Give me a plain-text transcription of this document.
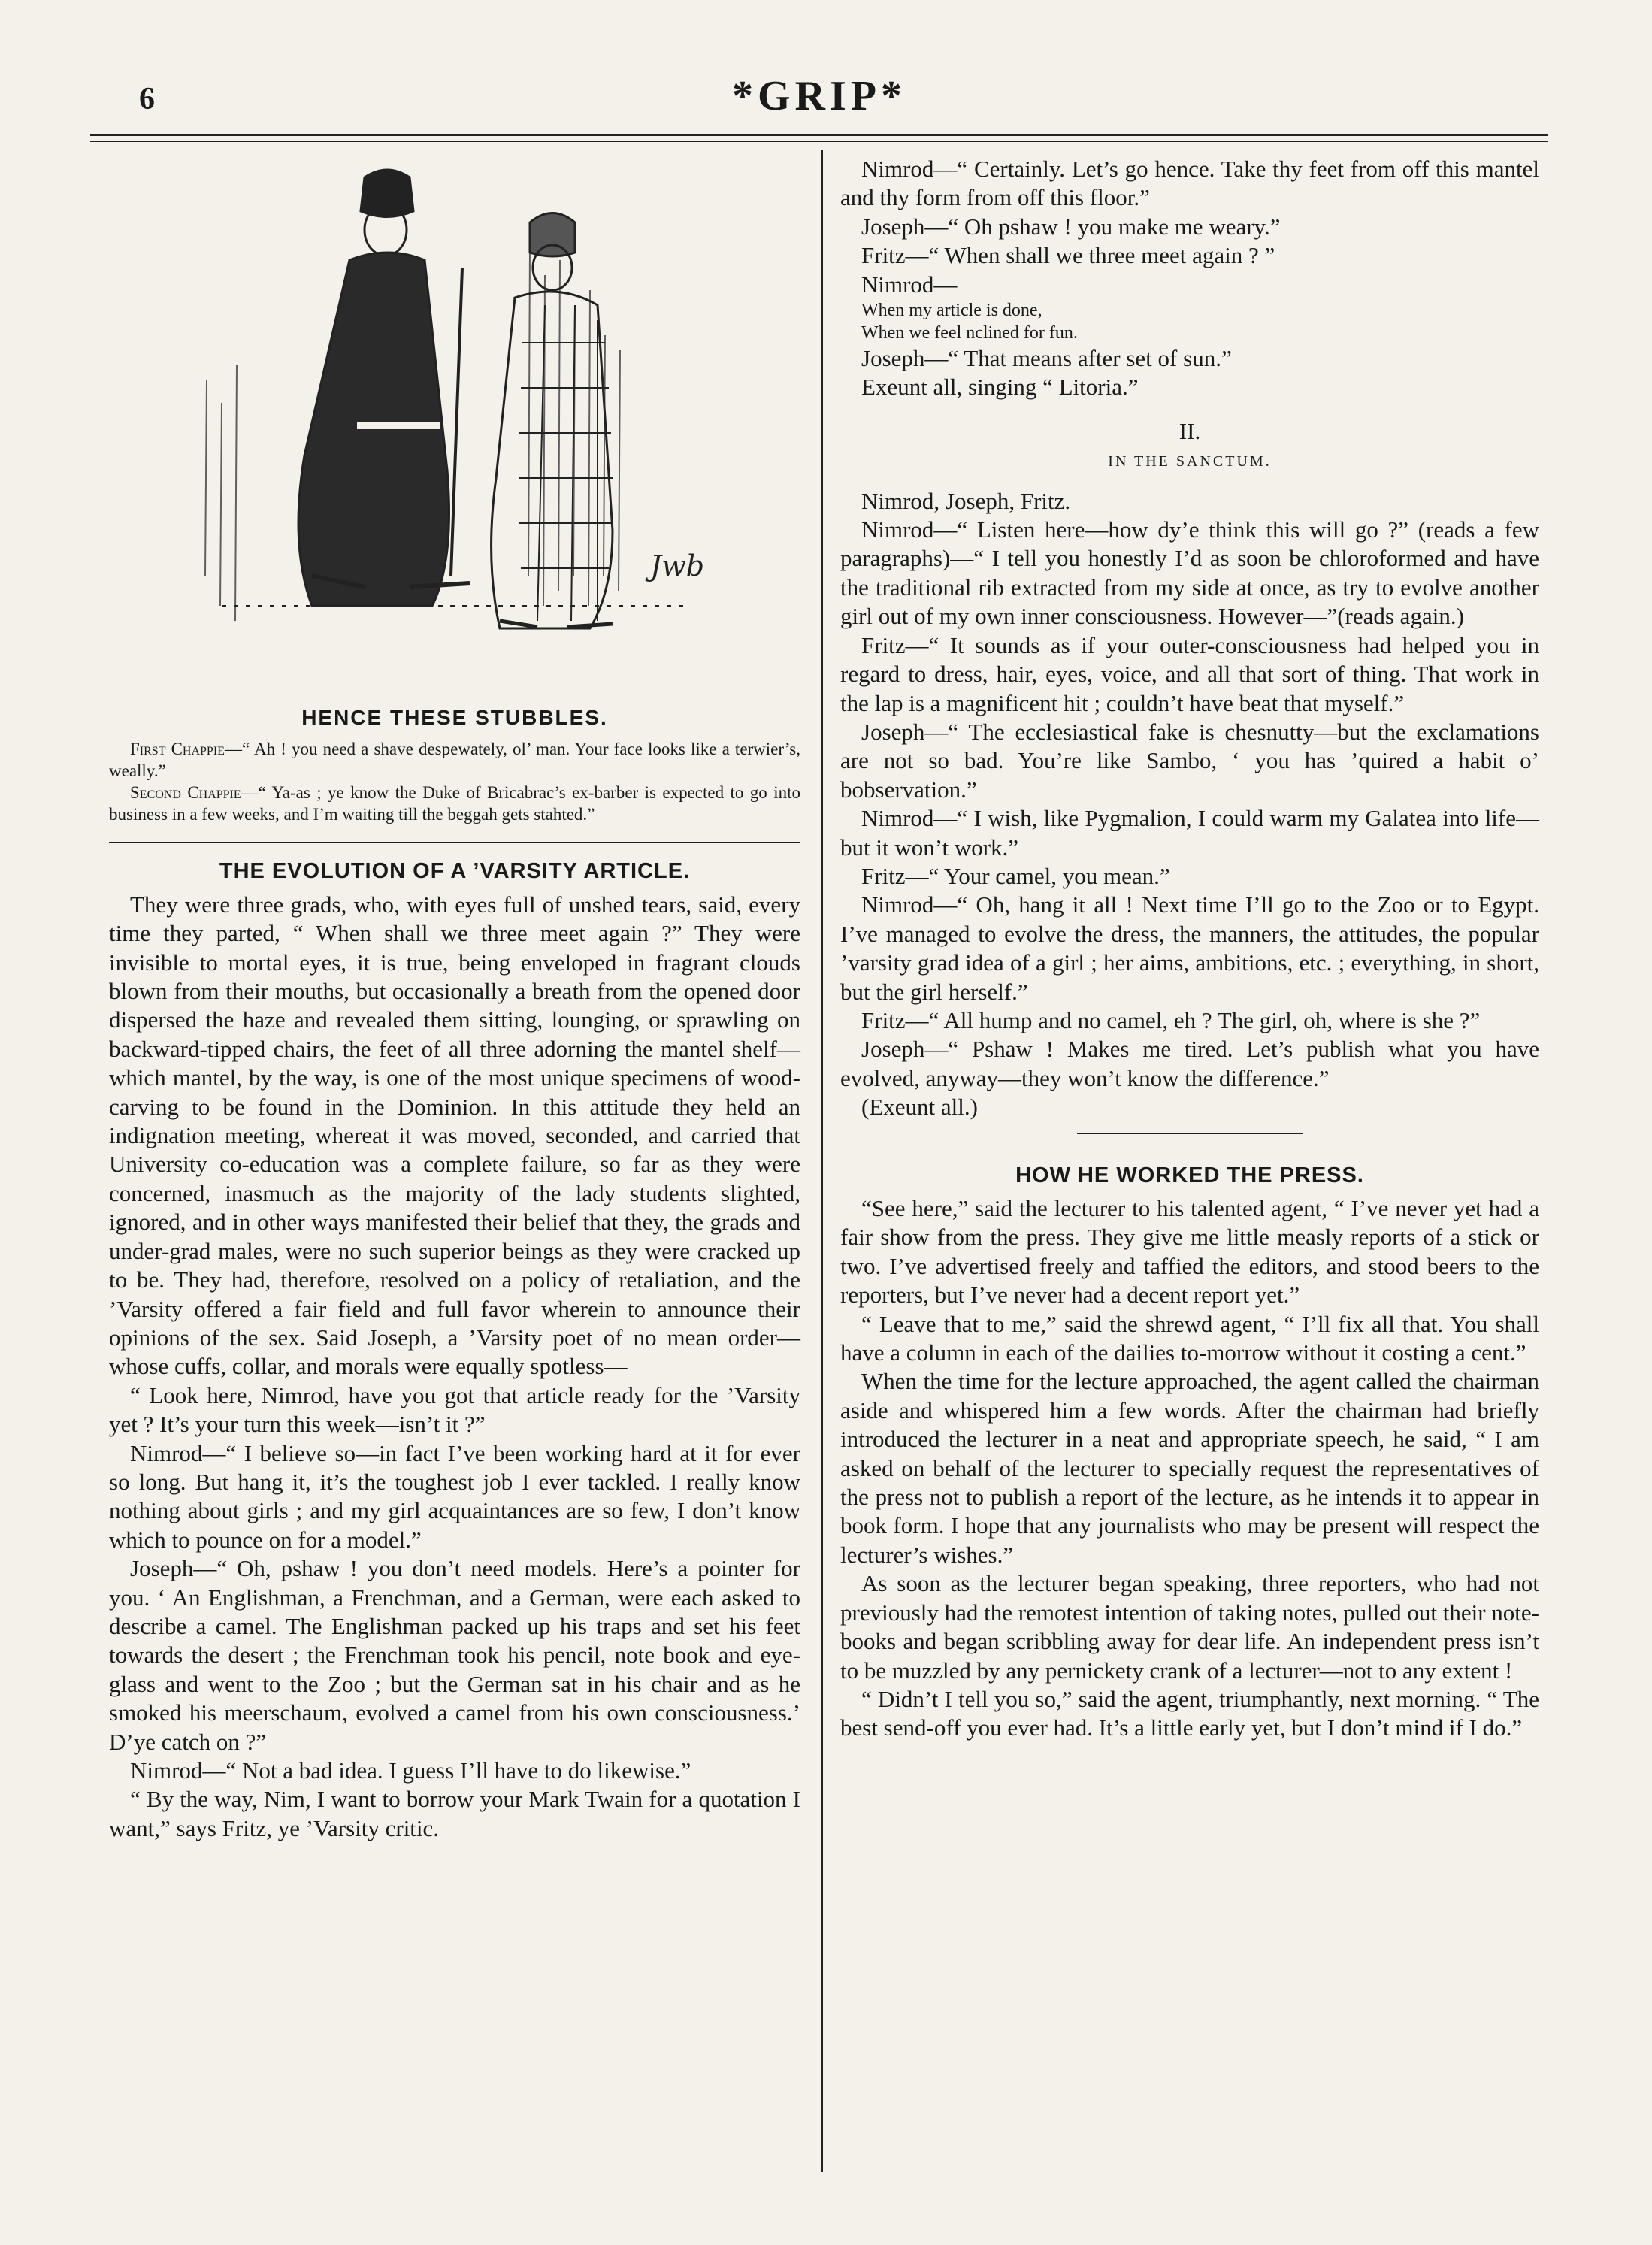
6	*GRIP*
Jwb
HENCE THESE STUBBLES.

First Chappie—“ Ah ! you need a shave despewately, ol’ man. Your face looks like a terwier’s, weally.”

Second Chappie—“ Ya-as ; ye know the Duke of Bricabrac’s ex-barber is expected to go into business in a few weeks, and I’m waiting till the beggah gets stahted.”

THE EVOLUTION OF A ’VARSITY ARTICLE.

They were three grads, who, with eyes full of unshed tears, said, every time they parted, “ When shall we three meet again ?” They were invisible to mortal eyes, it is true, being enveloped in fragrant clouds blown from their mouths, but occasionally a breath from the opened door dispersed the haze and revealed them sitting, lounging, or sprawling on backward-tipped chairs, the feet of all three adorning the mantel shelf—which mantel, by the way, is one of the most unique specimens of wood-carving to be found in the Dominion. In this attitude they held an indignation meeting, whereat it was moved, seconded, and carried that University co-education was a complete failure, so far as they were concerned, inasmuch as the majority of the lady students slighted, ignored, and in other ways manifested their belief that they, the grads and under-grad males, were no such superior beings as they were cracked up to be. They had, therefore, resolved on a policy of retaliation, and the ’Varsity offered a fair field and full favor wherein to announce their opinions of the sex. Said Joseph, a ’Varsity poet of no mean order—whose cuffs, collar, and morals were equally spotless—

“ Look here, Nimrod, have you got that article ready for the ’Varsity yet ? It’s your turn this week—isn’t it ?”

Nimrod—“ I believe so—in fact I’ve been working hard at it for ever so long. But hang it, it’s the toughest job I ever tackled. I really know nothing about girls ; and my girl acquaintances are so few, I don’t know which to pounce on for a model.”

Joseph—“ Oh, pshaw ! you don’t need models. Here’s a pointer for you. ‘ An Englishman, a Frenchman, and a German, were each asked to describe a camel. The Englishman packed up his traps and set his feet towards the desert ; the Frenchman took his pencil, note book and eye-glass and went to the Zoo ; but the German sat in his chair and as he smoked his meerschaum, evolved a camel from his own consciousness.’ D’ye catch on ?”

Nimrod—“ Not a bad idea. I guess I’ll have to do likewise.”

“ By the way, Nim, I want to borrow your Mark Twain for a quotation I want,” says Fritz, ye ’Varsity critic.

Nimrod—“ Certainly. Let’s go hence. Take thy feet from off this mantel and thy form from off this floor.”

Joseph—“ Oh pshaw ! you make me weary.”

Fritz—“ When shall we three meet again ? ”

Nimrod—

When my article is done,

When we feel nclined for fun.

Joseph—“ That means after set of sun.”

Exeunt all, singing “ Litoria.”

II.
IN THE SANCTUM.

Nimrod, Joseph, Fritz.

Nimrod—“ Listen here—how dy’e think this will go ?” (reads a few paragraphs)—“ I tell you honestly I’d as soon be chloroformed and have the traditional rib extracted from my side at once, as try to evolve another girl out of my own inner consciousness. However—”(reads again.)

Fritz—“ It sounds as if your outer-consciousness had helped you in regard to dress, hair, eyes, voice, and all that sort of thing. That work in the lap is a magnificent hit ; couldn’t have beat that myself.”

Joseph—“ The ecclesiastical fake is chesnutty—but the exclamations are not so bad. You’re like Sambo, ‘ you has ’quired a habit o’ bobservation.”

Nimrod—“ I wish, like Pygmalion, I could warm my Galatea into life—but it won’t work.”

Fritz—“ Your camel, you mean.”

Nimrod—“ Oh, hang it all ! Next time I’ll go to the Zoo or to Egypt. I’ve managed to evolve the dress, the manners, the attitudes, the popular ’varsity grad idea of a girl ; her aims, ambitions, etc. ; everything, in short, but the girl herself.”

Fritz—“ All hump and no camel, eh ? The girl, oh, where is she ?”

Joseph—“ Pshaw ! Makes me tired. Let’s publish what you have evolved, anyway—they won’t know the difference.”

(Exeunt all.)

HOW HE WORKED THE PRESS.

“See here,” said the lecturer to his talented agent, “ I’ve never yet had a fair show from the press. They give me little measly reports of a stick or two. I’ve advertised freely and taffied the editors, and stood beers to the reporters, but I’ve never had a decent report yet.”

“ Leave that to me,” said the shrewd agent, “ I’ll fix all that. You shall have a column in each of the dailies to-morrow without it costing a cent.”

When the time for the lecture approached, the agent called the chairman aside and whispered him a few words. After the chairman had briefly introduced the lecturer in a neat and appropriate speech, he said, “ I am asked on behalf of the lecturer to specially request the representatives of the press not to publish a report of the lecture, as he intends it to appear in book form. I hope that any journalists who may be present will respect the lecturer’s wishes.”

As soon as the lecturer began speaking, three reporters, who had not previously had the remotest intention of taking notes, pulled out their note-books and began scribbling away for dear life. An independent press isn’t to be muzzled by any pernickety crank of a lecturer—not to any extent !

“ Didn’t I tell you so,” said the agent, triumphantly, next morning. “ The best send-off you ever had. It’s a little early yet, but I don’t mind if I do.”
